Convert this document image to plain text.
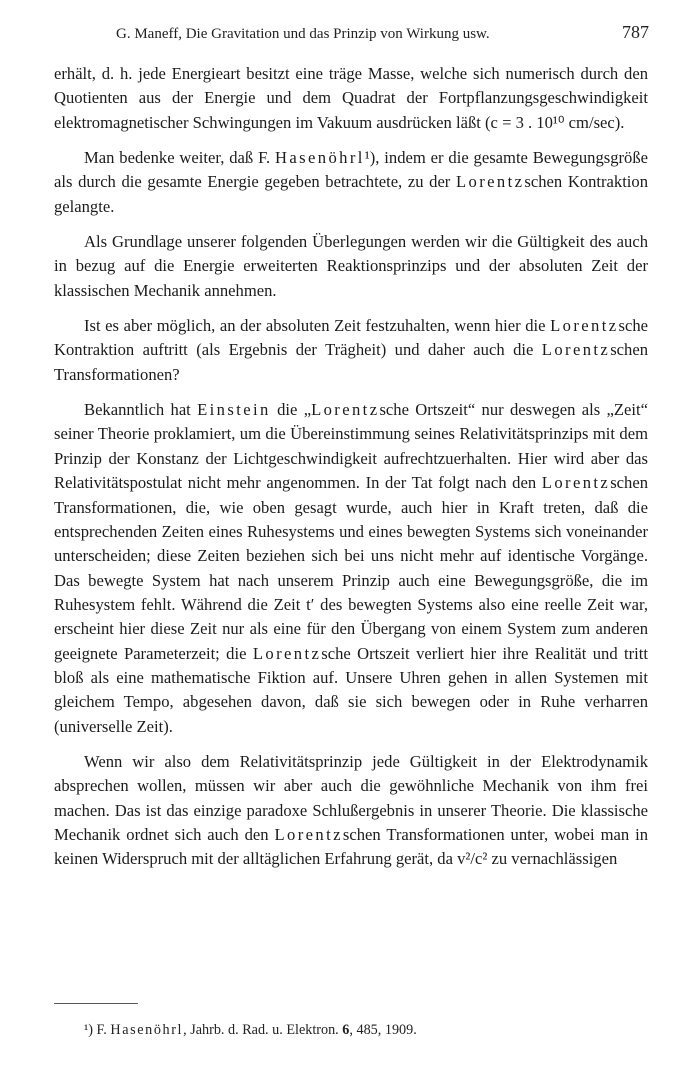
G. Maneff, Die Gravitation und das Prinzip von Wirkung usw.	787

erhält, d. h. jede Energieart besitzt eine träge Masse, welche sich numerisch durch den Quotienten aus der Energie und dem Quadrat der Fortpflanzungsgeschwindigkeit elektromagnetischer Schwingungen im Vakuum ausdrücken läßt (c = 3 . 10¹⁰ cm/sec).

Man bedenke weiter, daß F. Hasenöhrl¹), indem er die gesamte Bewegungsgröße als durch die gesamte Energie gegeben betrachtete, zu der Lorentzschen Kontraktion gelangte.

Als Grundlage unserer folgenden Überlegungen werden wir die Gültigkeit des auch in bezug auf die Energie erweiterten Reaktionsprinzips und der absoluten Zeit der klassischen Mechanik annehmen.

Ist es aber möglich, an der absoluten Zeit festzuhalten, wenn hier die Lorentzsche Kontraktion auftritt (als Ergebnis der Trägheit) und daher auch die Lorentzschen Transformationen?

Bekanntlich hat Einstein die „Lorentzsche Ortszeit“ nur deswegen als „Zeit“ seiner Theorie proklamiert, um die Übereinstimmung seines Relativitätsprinzips mit dem Prinzip der Konstanz der Lichtgeschwindigkeit aufrechtzuerhalten. Hier wird aber das Relativitätspostulat nicht mehr angenommen. In der Tat folgt nach den Lorentzschen Transformationen, die, wie oben gesagt wurde, auch hier in Kraft treten, daß die entsprechenden Zeiten eines Ruhesystems und eines bewegten Systems sich voneinander unterscheiden; diese Zeiten beziehen sich bei uns nicht mehr auf identische Vorgänge. Das bewegte System hat nach unserem Prinzip auch eine Bewegungsgröße, die im Ruhesystem fehlt. Während die Zeit t′ des bewegten Systems also eine reelle Zeit war, erscheint hier diese Zeit nur als eine für den Übergang von einem System zum anderen geeignete Parameterzeit; die Lorentzsche Ortszeit verliert hier ihre Realität und tritt bloß als eine mathematische Fiktion auf. Unsere Uhren gehen in allen Systemen mit gleichem Tempo, abgesehen davon, daß sie sich bewegen oder in Ruhe verharren (universelle Zeit).

Wenn wir also dem Relativitätsprinzip jede Gültigkeit in der Elektrodynamik absprechen wollen, müssen wir aber auch die gewöhnliche Mechanik von ihm frei machen. Das ist das einzige paradoxe Schlußergebnis in unserer Theorie. Die klassische Mechanik ordnet sich auch den Lorentzschen Transformationen unter, wobei man in keinen Widerspruch mit der alltäglichen Erfahrung gerät, da v²/c² zu vernachlässigen

¹) F. Hasenöhrl, Jahrb. d. Rad. u. Elektron. 6, 485, 1909.
